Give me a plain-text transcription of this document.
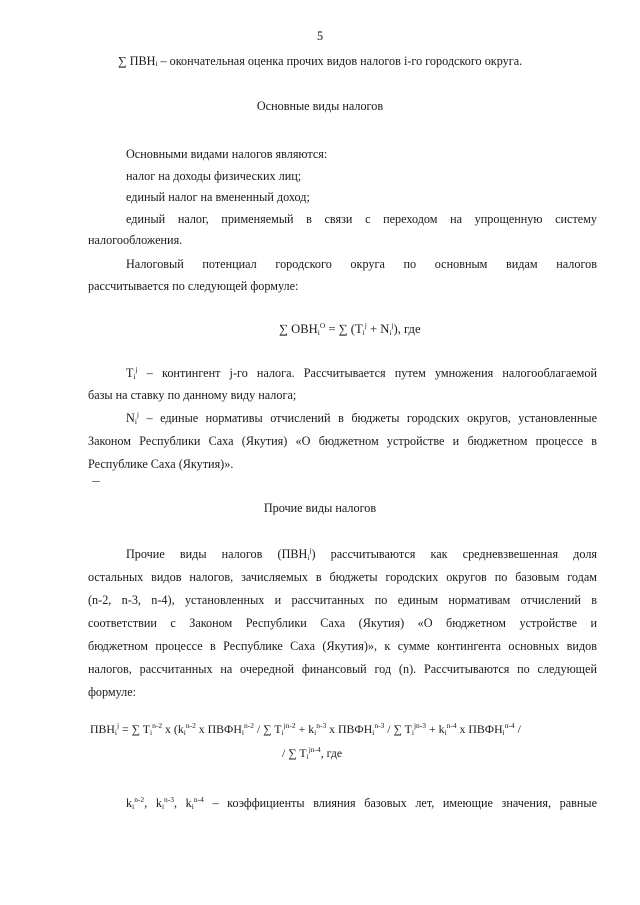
5
∑ ПВНᵢ – окончательная оценка прочих видов налогов i-го городского округа.
Основные виды налогов
Основными видами налогов являются:
налог на доходы физических лиц;
единый налог на вмененный доход;
единый налог, применяемый в связи с переходом на упрощенную систему
налогообложения.
Налоговый потенциал городского округа по основным видам налогов
рассчитывается по следующей формуле:
∑ $OBH_i^O$ = ∑ $(T_i^j + N_i^j)$, где
$T_i^j$ – контингент j-го налога. Рассчитывается путем умножения налогооблагаемой
базы на ставку по данному виду налога;
$N_i^j$ – единые нормативы отчислений в бюджеты городских округов, установленные
Законом Республики Саха (Якутия) «О бюджетном устройстве и бюджетном процессе в
Республике Саха (Якутия)».
Прочие виды налогов
Прочие виды налогов $(ПВН_i^j)$ рассчитываются как средневзвешенная доля
остальных видов налогов, зачисляемых в бюджеты городских округов по базовым годам
(n-2, n-3, n-4), установленных и рассчитанных по единым нормативам отчислений в
соответствии с Законом Республики Саха (Якутия) «О бюджетном устройстве и
бюджетном процессе в Республике Саха (Якутия)», к сумме контингента основных видов
налогов, рассчитанных на очередной финансовый год (n). Рассчитываются по следующей
формуле:
$ПВН_i^j$ = ∑ $T_i^{n-2}$ x ($k_i^{n-2}$ x $ПВФН_i^{n-2}$ / ∑ $T_i^{jn-2} + k_i^{n-3}$ x $ПВФН_i^{n-3}$ / ∑ $T_i^{jn-3} + k_i^{n-4}$ x $ПВФН_i^{n-4}$ /
/ ∑ $T_i^{jn-4}$, где
$k_i^{n-2}$, $k_i^{n-3}$, $k_i^{n-4}$ – коэффициенты влияния базовых лет, имеющие значения, равные
